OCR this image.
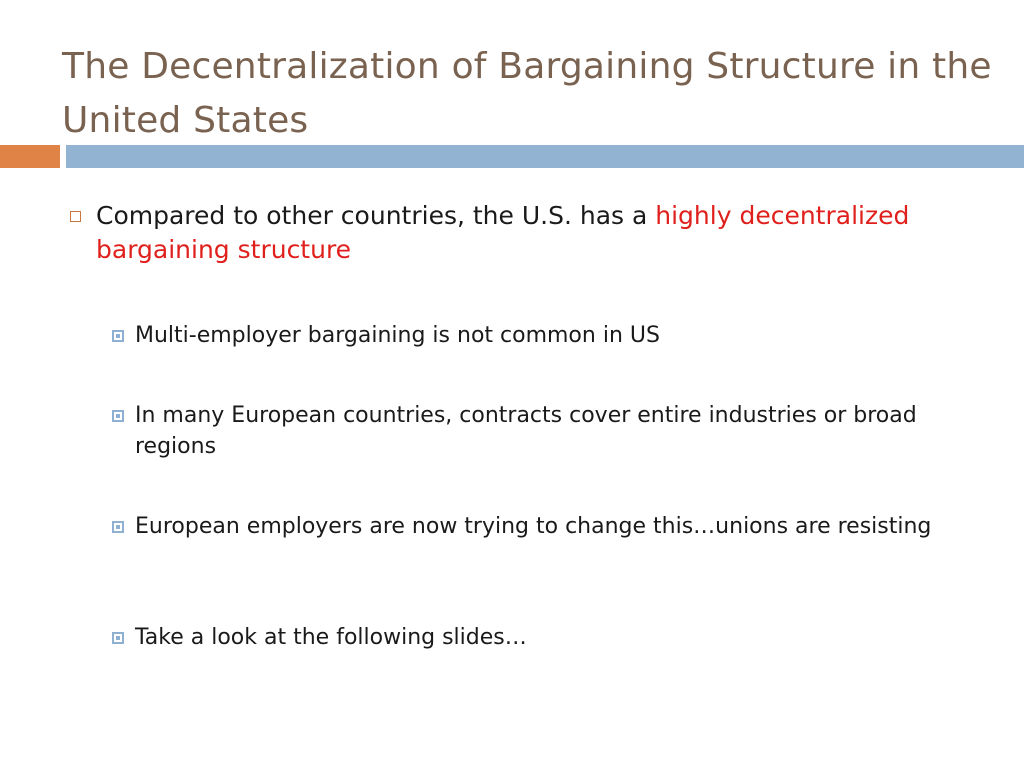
The Decentralization of Bargaining Structure in the United States
Compared to other countries, the U.S. has a highly decentralized bargaining structure
Multi-employer bargaining is not common in US
In many European countries, contracts cover entire industries or broad regions
European employers are now trying to change this…unions are resisting
Take a look at the following slides…
